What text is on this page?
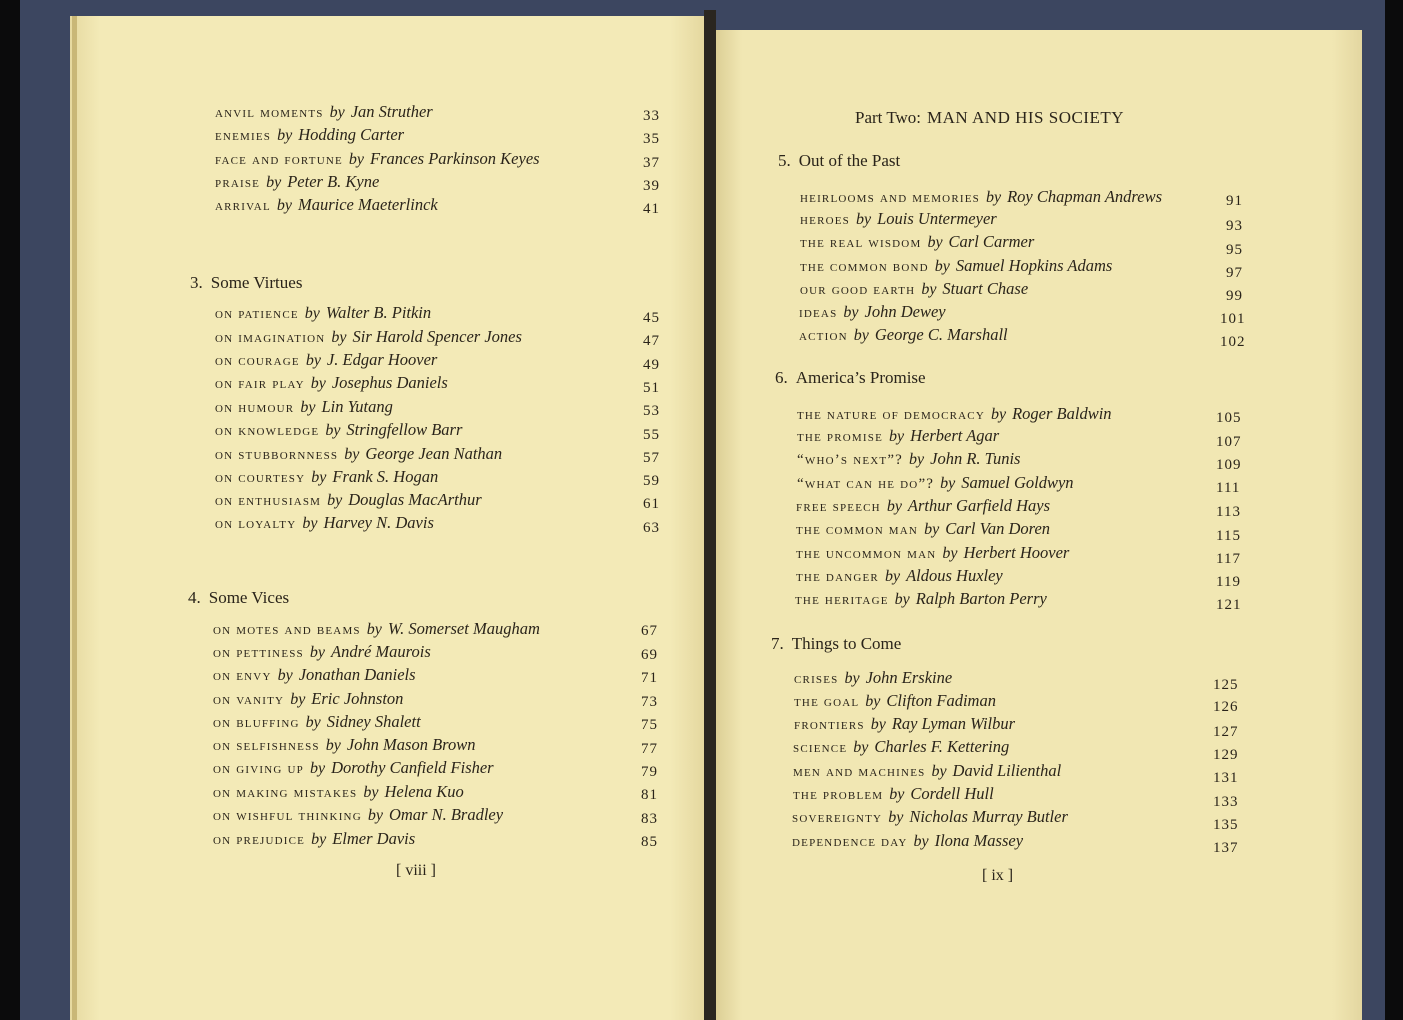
anvil moments by Jan Struther	33
enemies by Hodding Carter	35
face and fortune by Frances Parkinson Keyes	37
praise by Peter B. Kyne	39
arrival by Maurice Maeterlinck	41
3. Some Virtues
on patience by Walter B. Pitkin	45
on imagination by Sir Harold Spencer Jones	47
on courage by J. Edgar Hoover	49
on fair play by Josephus Daniels	51
on humour by Lin Yutang	53
on knowledge by Stringfellow Barr	55
on stubbornness by George Jean Nathan	57
on courtesy by Frank S. Hogan	59
on enthusiasm by Douglas MacArthur	61
on loyalty by Harvey N. Davis	63
4. Some Vices
on motes and beams by W. Somerset Maugham	67
on pettiness by André Maurois	69
on envy by Jonathan Daniels	71
on vanity by Eric Johnston	73
on bluffing by Sidney Shalett	75
on selfishness by John Mason Brown	77
on giving up by Dorothy Canfield Fisher	79
on making mistakes by Helena Kuo	81
on wishful thinking by Omar N. Bradley	83
on prejudice by Elmer Davis	85
[ viii ]
Part Two: MAN AND HIS SOCIETY
5. Out of the Past
heirlooms and memories by Roy Chapman Andrews	91
heroes by Louis Untermeyer	93
the real wisdom by Carl Carmer	95
the common bond by Samuel Hopkins Adams	97
our good earth by Stuart Chase	99
ideas by John Dewey	101
action by George C. Marshall	102
6. America’s Promise
the nature of democracy by Roger Baldwin	105
the promise by Herbert Agar	107
“who’s next”? by John R. Tunis	109
“what can he do”? by Samuel Goldwyn	111
free speech by Arthur Garfield Hays	113
the common man by Carl Van Doren	115
the uncommon man by Herbert Hoover	117
the danger by Aldous Huxley	119
the heritage by Ralph Barton Perry	121
7. Things to Come
crises by John Erskine	125
the goal by Clifton Fadiman	126
frontiers by Ray Lyman Wilbur	127
science by Charles F. Kettering	129
men and machines by David Lilienthal	131
the problem by Cordell Hull	133
sovereignty by Nicholas Murray Butler	135
dependence day by Ilona Massey	137
[ ix ]
